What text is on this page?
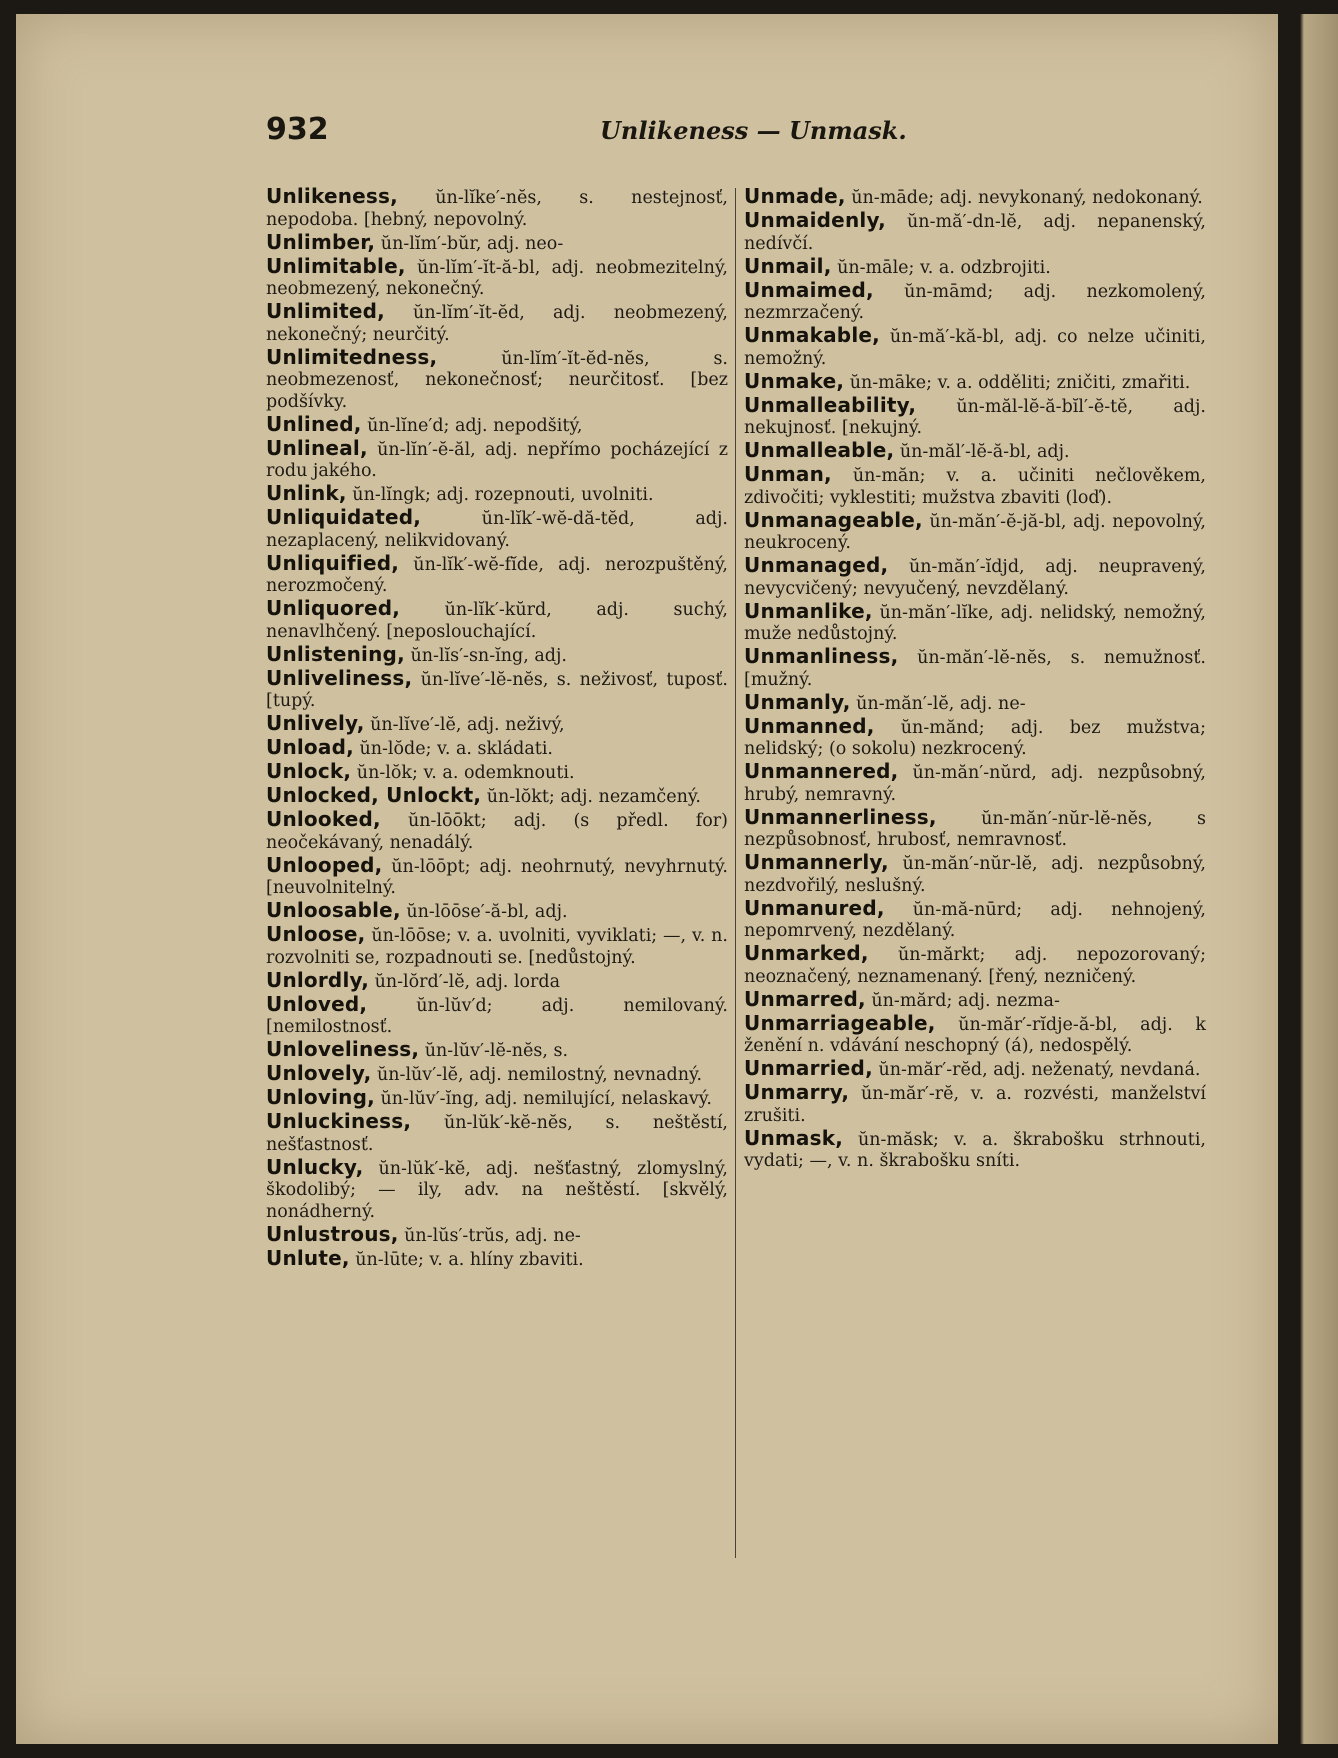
932	Unlikeness — Unmask.
Unlikeness, ŭn-lĭke′-nĕs, s. nestejnosť, nepodoba. [hebný, nepovolný.
Unlimber, ŭn-lĭm′-bŭr, adj. neo-
Unlimitable, ŭn-lĭm′-ĭt-ă-bl, adj. neobmezitelný, neobmezený, nekonečný.
Unlimited, ŭn-lĭm′-ĭt-ĕd, adj. neobmezený, nekonečný; neurčitý.
Unlimitedness, ŭn-lĭm′-ĭt-ĕd-nĕs, s. neobmezenosť, nekonečnosť; neurčitosť. [bez podšívky.
Unlined, ŭn-lĭne′d; adj. nepodšitý,
Unlineal, ŭn-lĭn′-ĕ-ăl, adj. nepřímo pocházející z rodu jakého.
Unlink, ŭn-lĭngk; adj. rozepnouti, uvolniti.
Unliquidated, ŭn-lĭk′-wĕ-dă-tĕd, adj. nezaplacený, nelikvidovaný.
Unliquified, ŭn-lĭk′-wĕ-fĭde, adj. nerozpuštěný, nerozmočený.
Unliquored, ŭn-lĭk′-kŭrd, adj. suchý, nenavlhčený. [neposlouchající.
Unlistening, ŭn-lĭs′-sn-ĭng, adj.
Unliveliness, ŭn-lĭve′-lĕ-nĕs, s. neživosť, tuposť. [tupý.
Unlively, ŭn-lĭve′-lĕ, adj. neživý,
Unload, ŭn-lŏde; v. a. skládati.
Unlock, ŭn-lŏk; v. a. odemknouti.
Unlocked, Unlockt, ŭn-lŏkt; adj. nezamčený.
Unlooked, ŭn-lōōkt; adj. (s předl. for) neočekávaný, nenadálý.
Unlooped, ŭn-lōōpt; adj. neohrnutý, nevyhrnutý. [neuvolnitelný.
Unloosable, ŭn-lōōse′-ă-bl, adj.
Unloose, ŭn-lōōse; v. a. uvolniti, vyviklati; —, v. n. rozvolniti se, rozpadnouti se. [nedůstojný.
Unlordly, ŭn-lŏrd′-lĕ, adj. lorda
Unloved, ŭn-lŭv′d; adj. nemilovaný. [nemilostnosť.
Unloveliness, ŭn-lŭv′-lĕ-nĕs, s.
Unlovely, ŭn-lŭv′-lĕ, adj. nemilostný, nevnadný.
Unloving, ŭn-lŭv′-ĭng, adj. nemilující, nelaskavý.
Unluckiness, ŭn-lŭk′-kĕ-nĕs, s. neštěstí, nešťastnosť.
Unlucky, ŭn-lŭk′-kĕ, adj. nešťastný, zlomyslný, škodolibý; — ily, adv. na neštěstí. [skvělý, nonádherný.
Unlustrous, ŭn-lŭs′-trŭs, adj. ne-
Unlute, ŭn-lūte; v. a. hlíny zbaviti.
Unmade, ŭn-māde; adj. nevykonaný, nedokonaný.
Unmaidenly, ŭn-mă′-dn-lĕ, adj. nepanenský, nedívčí.
Unmail, ŭn-māle; v. a. odzbrojiti.
Unmaimed, ŭn-māmd; adj. nezkomolený, nezmrzačený.
Unmakable, ŭn-mă′-kă-bl, adj. co nelze učiniti, nemožný.
Unmake, ŭn-māke; v. a. odděliti; zničiti, zmařiti.
Unmalleability, ŭn-măl-lĕ-ă-bĭl′-ĕ-tĕ, adj. nekujnosť. [nekujný.
Unmalleable, ŭn-măl′-lĕ-ă-bl, adj.
Unman, ŭn-măn; v. a. učiniti nečlověkem, zdivočiti; vyklestiti; mužstva zbaviti (loď).
Unmanageable, ŭn-măn′-ĕ-jă-bl, adj. nepovolný, neukrocený.
Unmanaged, ŭn-măn′-ĭdjd, adj. neupravený, nevycvičený; nevyučený, nevzdělaný.
Unmanlike, ŭn-măn′-lĭke, adj. nelidský, nemožný, muže nedůstojný.
Unmanliness, ŭn-măn′-lĕ-nĕs, s. nemužnosť. [mužný.
Unmanly, ŭn-măn′-lĕ, adj. ne-
Unmanned, ŭn-mănd; adj. bez mužstva; nelidský; (o sokolu) nezkrocený.
Unmannered, ŭn-măn′-nŭrd, adj. nezpůsobný, hrubý, nemravný.
Unmannerliness, ŭn-măn′-nŭr-lĕ-nĕs, s nezpůsobnosť, hrubosť, nemravnosť.
Unmannerly, ŭn-măn′-nŭr-lĕ, adj. nezpůsobný, nezdvořilý, neslušný.
Unmanured, ŭn-mă-nūrd; adj. nehnojený, nepomrvený, nezdělaný.
Unmarked, ŭn-mărkt; adj. nepozorovaný; neoznačený, neznamenaný. [řený, nezničený.
Unmarred, ŭn-mărd; adj. nezma-
Unmarriageable, ŭn-măr′-rĭdje-ă-bl, adj. k ženění n. vdávání neschopný (á), nedospělý.
Unmarried, ŭn-măr′-rĕd, adj. neženatý, nevdaná.
Unmarry, ŭn-măr′-rĕ, v. a. rozvésti, manželství zrušiti.
Unmask, ŭn-măsk; v. a. škrabošku strhnouti, vydati; —, v. n. škrabošku sníti.
